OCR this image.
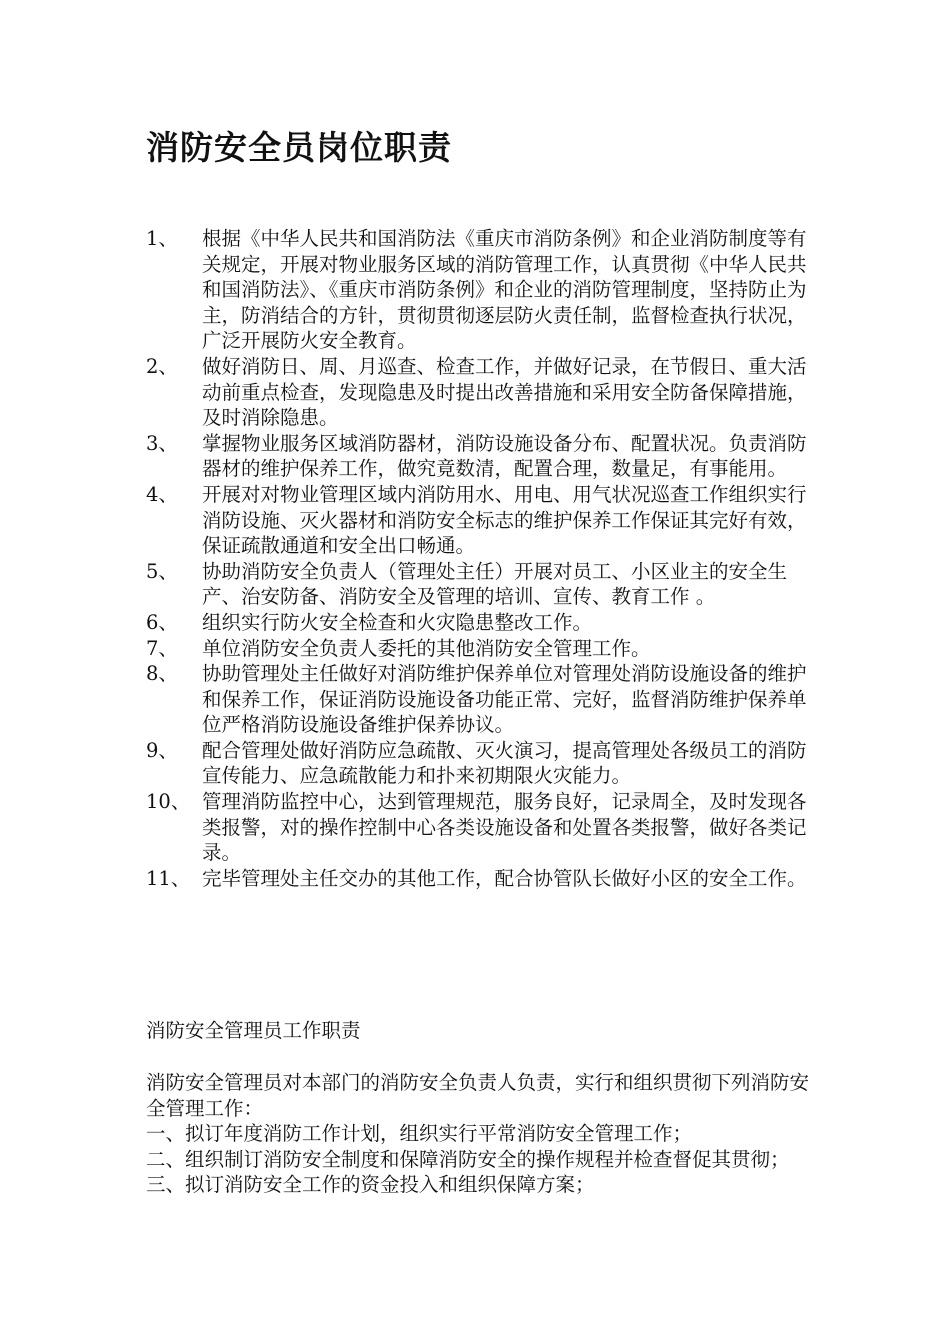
消防安全员岗位职责
1、	根据《中华人民共和国消防法《重庆市消防条例》和企业消防制度等有关规定，开展对物业服务区域的消防管理工作，认真贯彻《中华人民共和国消防法》、《重庆市消防条例》和企业的消防管理制度，坚持防止为主，防消结合的方针，贯彻贯彻逐层防火责任制，监督检查执行状况，广泛开展防火安全教育。
2、	做好消防日、周、月巡查、检查工作，并做好记录，在节假日、重大活动前重点检查，发现隐患及时提出改善措施和采用安全防备保障措施，及时消除隐患。
3、	掌握物业服务区域消防器材，消防设施设备分布、配置状况。负责消防器材的维护保养工作，做究竟数清，配置合理，数量足，有事能用。
4、	开展对对物业管理区域内消防用水、用电、用气状况巡查工作组织实行消防设施、灭火器材和消防安全标志的维护保养工作保证其完好有效，保证疏散通道和安全出口畅通。
5、	协助消防安全负责人（管理处主任）开展对员工、小区业主的安全生产、治安防备、消防安全及管理的培训、宣传、教育工作 。
6、	组织实行防火安全检查和火灾隐患整改工作。
7、	单位消防安全负责人委托的其他消防安全管理工作。
8、	协助管理处主任做好对消防维护保养单位对管理处消防设施设备的维护和保养工作，保证消防设施设备功能正常、完好，监督消防维护保养单位严格消防设施设备维护保养协议。
9、	配合管理处做好消防应急疏散、灭火演习，提高管理处各级员工的消防宣传能力、应急疏散能力和扑来初期限火灾能力。
10、 管理消防监控中心，达到管理规范，服务良好，记录周全，及时发现各类报警，对的操作控制中心各类设施设备和处置各类报警，做好各类记录。
11、 完毕管理处主任交办的其他工作，配合协管队长做好小区的安全工作。
消防安全管理员工作职责

消防安全管理员对本部门的消防安全负责人负责，实行和组织贯彻下列消防安全管理工作：

一、拟订年度消防工作计划，组织实行平常消防安全管理工作；

二、组织制订消防安全制度和保障消防安全的操作规程并检查督促其贯彻；

三、拟订消防安全工作的资金投入和组织保障方案；
